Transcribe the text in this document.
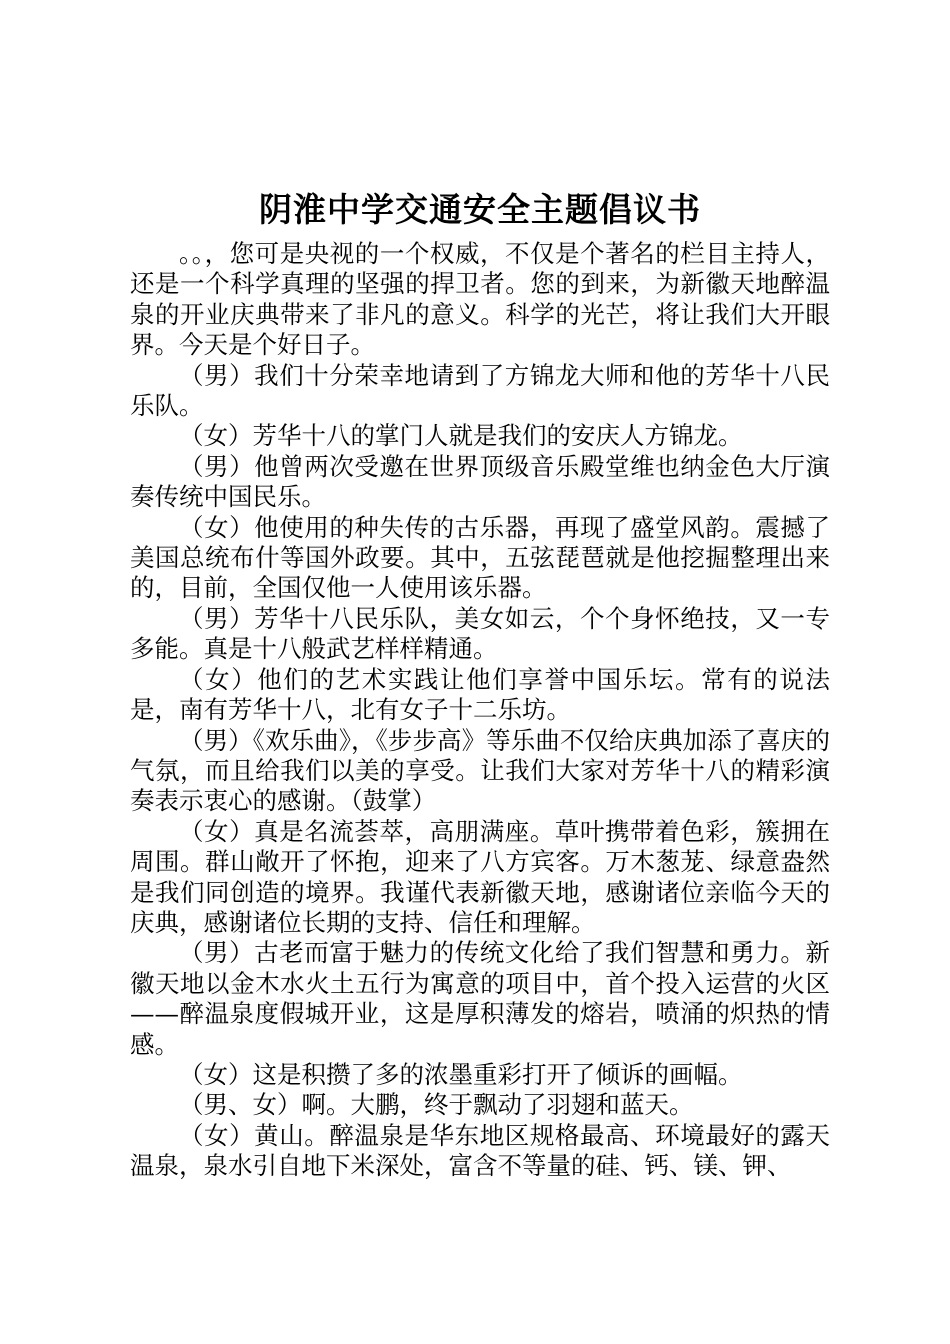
阴淮中学交通安全主题倡议书

。。，您可是央视的一个权威，不仅是个著名的栏目主持人，还是一个科学真理的坚强的捍卫者。您的到来，为新徽天地醉温泉的开业庆典带来了非凡的意义。科学的光芒，将让我们大开眼界。今天是个好日子。

（男）我们十分荣幸地请到了方锦龙大师和他的芳华十八民乐队。

（女）芳华十八的掌门人就是我们的安庆人方锦龙。

（男）他曾两次受邀在世界顶级音乐殿堂维也纳金色大厅演奏传统中国民乐。

（女）他使用的种失传的古乐器，再现了盛堂风韵。震撼了美国总统布什等国外政要。其中，五弦琵琶就是他挖掘整理出来的，目前，全国仅他一人使用该乐器。

（男）芳华十八民乐队，美女如云，个个身怀绝技，又一专多能。真是十八般武艺样样精通。

（女）他们的艺术实践让他们享誉中国乐坛。常有的说法是，南有芳华十八，北有女子十二乐坊。

（男）《欢乐曲》，《步步高》等乐曲不仅给庆典加添了喜庆的气氛，而且给我们以美的享受。让我们大家对芳华十八的精彩演奏表示衷心的感谢。（鼓掌）

（女）真是名流荟萃，高朋满座。草叶携带着色彩，簇拥在周围。群山敞开了怀抱，迎来了八方宾客。万木葱茏、绿意盎然是我们同创造的境界。我谨代表新徽天地，感谢诸位亲临今天的庆典，感谢诸位长期的支持、信任和理解。

（男）古老而富于魅力的传统文化给了我们智慧和勇力。新徽天地以金木水火土五行为寓意的项目中，首个投入运营的火区——醉温泉度假城开业，这是厚积薄发的熔岩，喷涌的炽热的情感。

（女）这是积攒了多的浓墨重彩打开了倾诉的画幅。

（男、女）啊。大鹏，终于飘动了羽翅和蓝天。

（女）黄山。醉温泉是华东地区规格最高、环境最好的露天温泉，泉水引自地下米深处，富含不等量的硅、钙、镁、钾、
